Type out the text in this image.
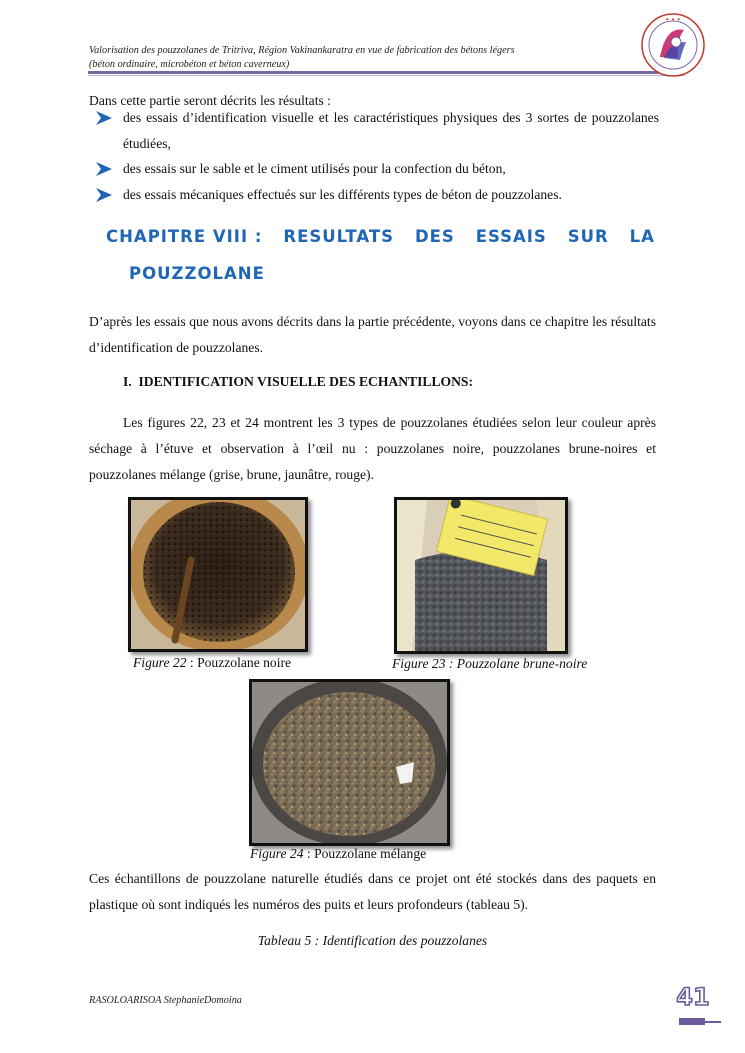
Valorisation des pouzzolanes de Tritriva, Région Vakinankaratra en vue de fabrication des bétons légers
(béton ordinaire, microbéton et béton caverneux)
✦ ✦ ✦
Dans cette partie seront décrits les résultats :
des essais d’identification visuelle et les caractéristiques physiques des 3 sortes de pouzzolanes étudiées,
des essais sur le sable et le ciment utilisés pour la confection du béton,
des essais mécaniques effectués sur les différents types de béton de pouzzolanes.
CHAPITRE VIII : RESULTATS DES ESSAIS SUR LA
POUZZOLANE
D’après les essais que nous avons décrits dans la partie précédente, voyons dans ce chapitre les résultats d’identification de pouzzolanes.
I. IDENTIFICATION VISUELLE DES ECHANTILLONS:
Les figures 22, 23 et 24 montrent les 3 types de pouzzolanes étudiées selon leur couleur après séchage à l’étuve et observation à l’œil nu : pouzzolanes noire, pouzzolanes brune-noires et pouzzolanes mélange (grise, brune, jaunâtre, rouge).
Figure 22 : Pouzzolane noire	Figure 23 : Pouzzolane brune-noire
Figure 24 : Pouzzolane mélange
Ces échantillons de pouzzolane naturelle étudiés dans ce projet ont été stockés dans des paquets en plastique où sont indiqués les numéros des puits et leurs profondeurs (tableau 5).
Tableau 5 : Identification des pouzzolanes
RASOLOARISOA StephanieDomoina	41
